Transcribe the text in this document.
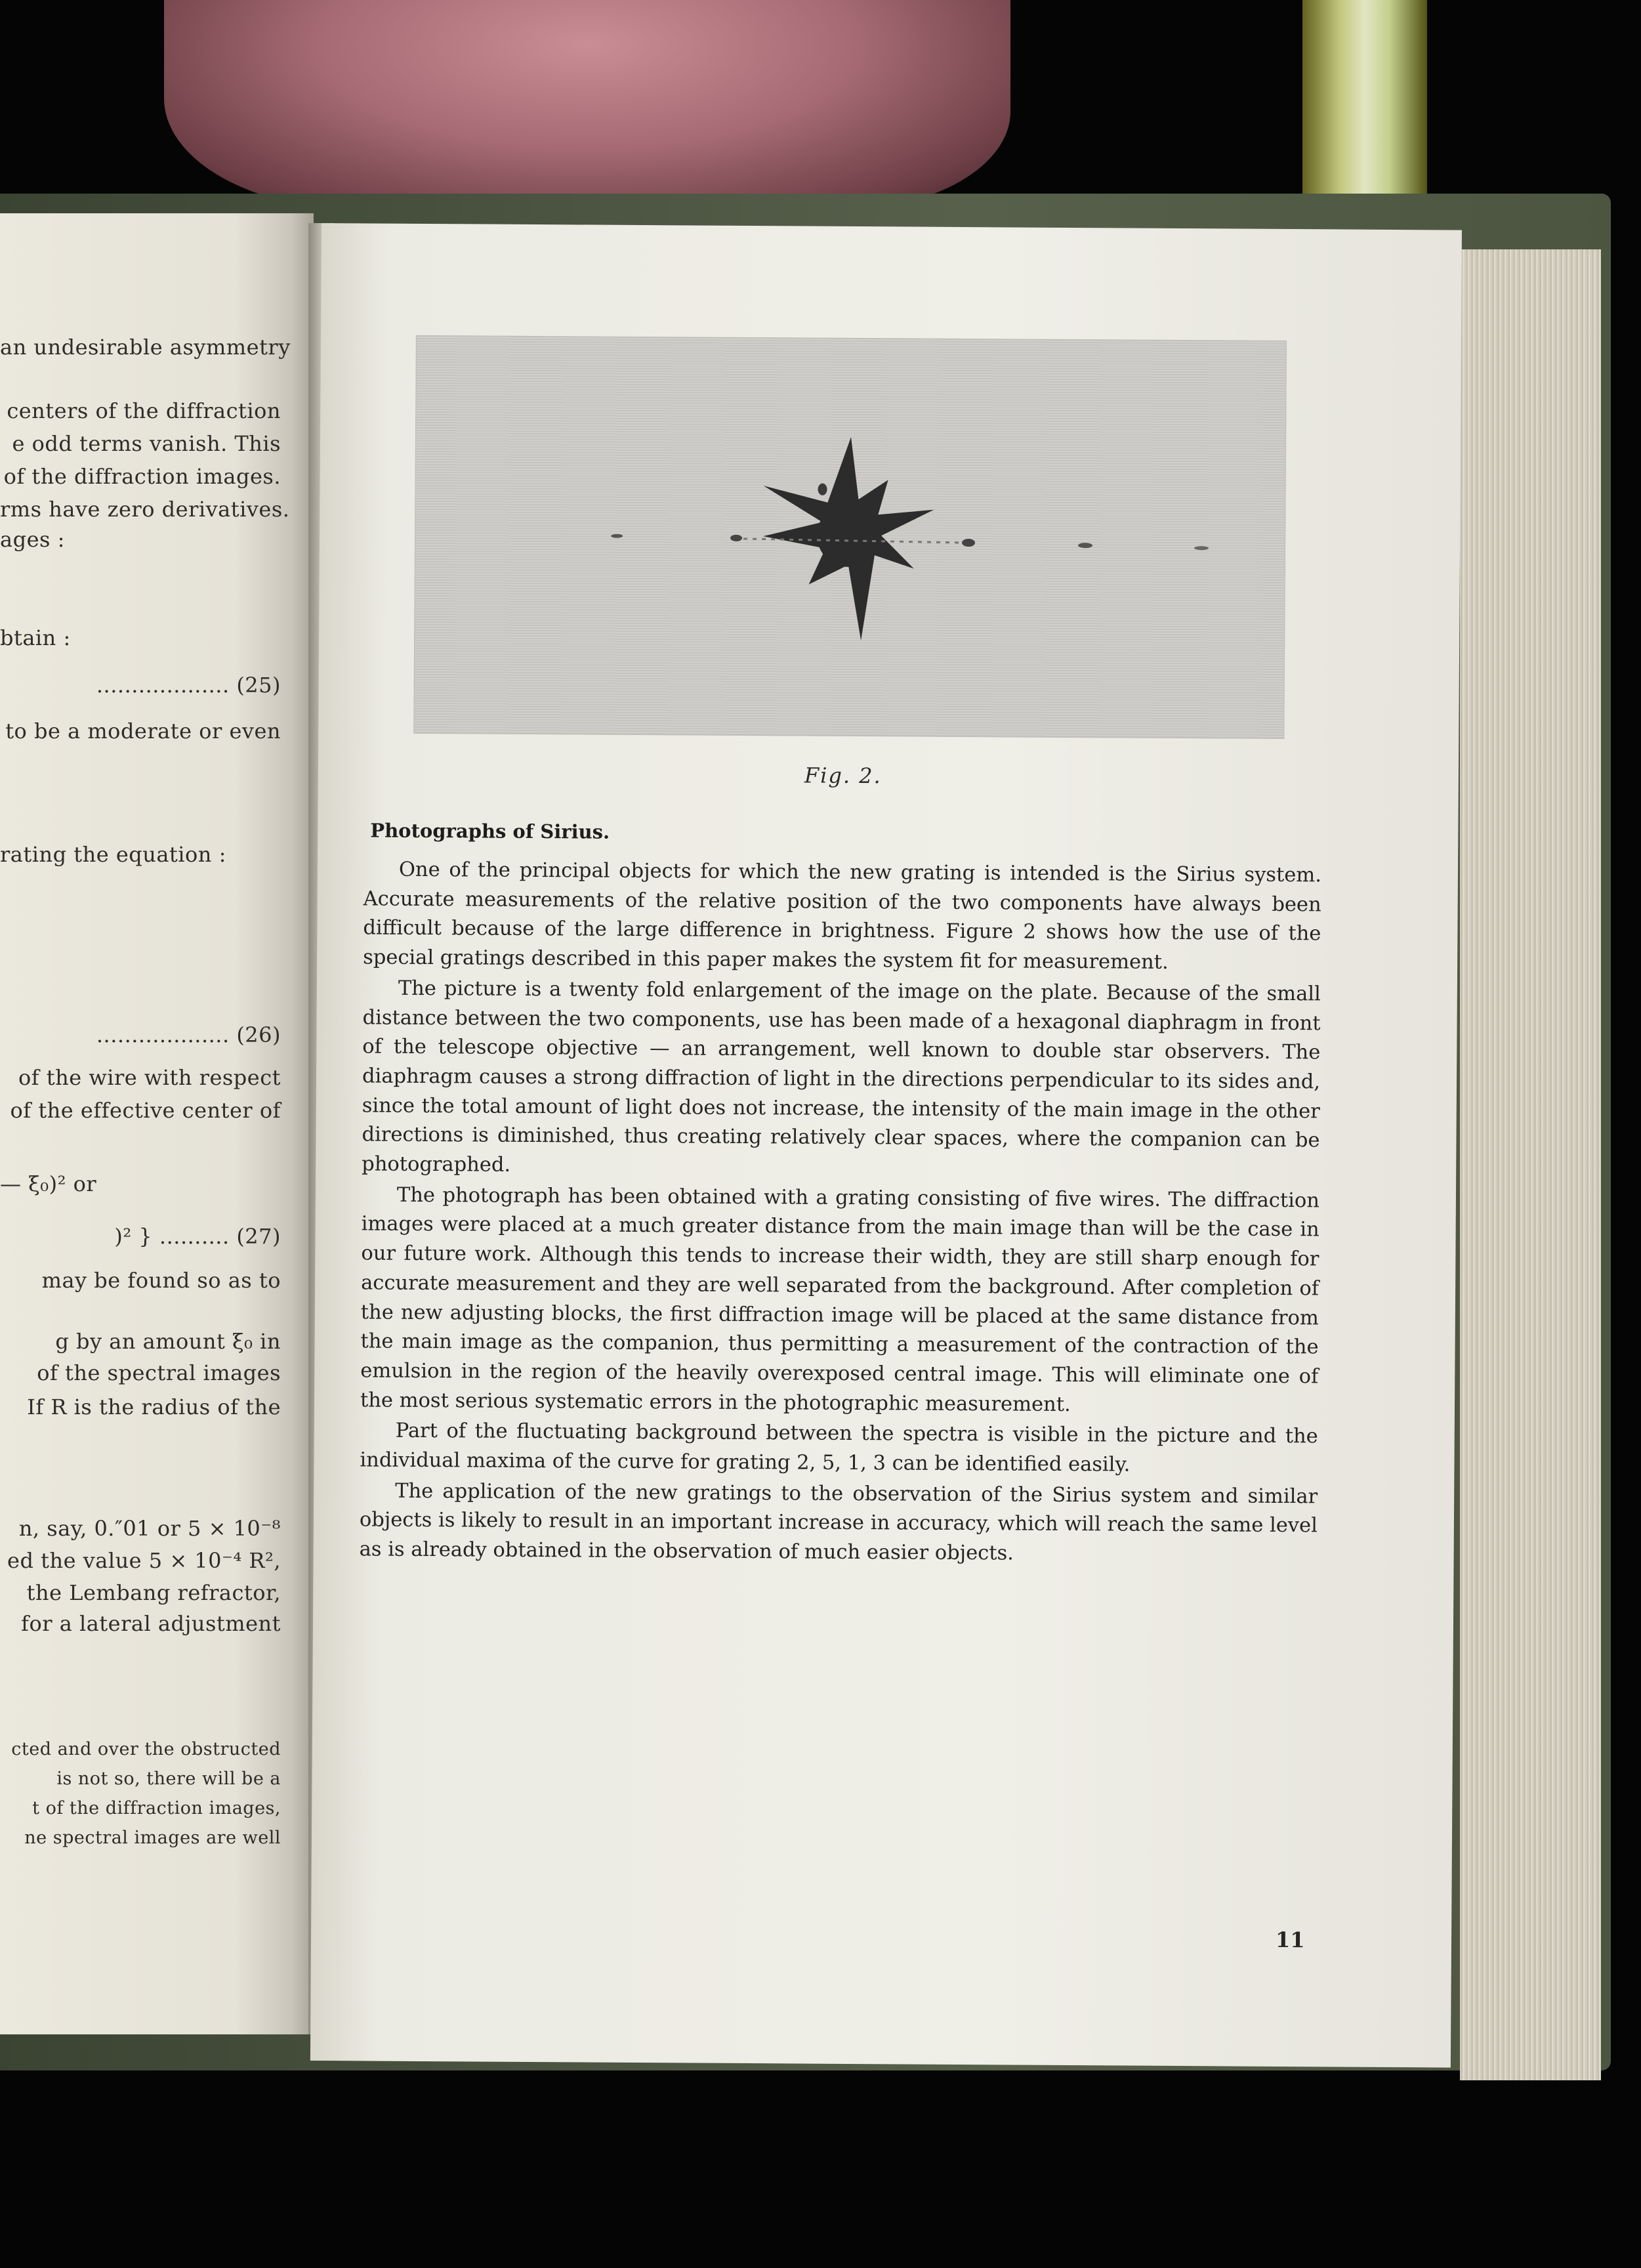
an undesirable asymmetry
centers of the diffraction
e odd terms vanish. This
of the diffraction images.
rms have zero derivatives.
ages :
btain :
................... (25)
to be a moderate or even
rating the equation :
................... (26)
of the wire with respect
of the effective center of
— ξ₀)² or
)² } .......... (27)
may be found so as to
g by an amount ξ₀ in
of the spectral images
If R is the radius of the
n, say, 0.″01 or 5 × 10⁻⁸
ed the value 5 × 10⁻⁴ R²,
the Lembang refractor,
for a lateral adjustment
cted and over the obstructed
is not so, there will be a
t of the diffraction images,
ne spectral images are well
Fig. 2.
Photographs of Sirius.

One of the principal objects for which the new grating is intended is the Sirius system. Accurate measurements of the relative position of the two components have always been difficult because of the large difference in brightness. Figure 2 shows how the use of the special gratings described in this paper makes the system fit for measurement.

The picture is a twenty fold enlargement of the image on the plate. Because of the small distance between the two components, use has been made of a hexagonal diaphragm in front of the telescope objective — an arrangement, well known to double star observers. The diaphragm causes a strong diffraction of light in the directions perpendicular to its sides and, since the total amount of light does not increase, the intensity of the main image in the other directions is diminished, thus creating relatively clear spaces, where the companion can be photographed.

The photograph has been obtained with a grating consisting of five wires. The diffraction images were placed at a much greater distance from the main image than will be the case in our future work. Although this tends to increase their width, they are still sharp enough for accurate measurement and they are well separated from the background. After completion of the new adjusting blocks, the first diffraction image will be placed at the same distance from the main image as the companion, thus permitting a measurement of the contraction of the emulsion in the region of the heavily overexposed central image. This will eliminate one of the most serious systematic errors in the photographic measurement.

Part of the fluctuating background between the spectra is visible in the picture and the individual maxima of the curve for grating 2, 5, 1, 3 can be identified easily.

The application of the new gratings to the observation of the Sirius system and similar objects is likely to result in an important increase in accuracy, which will reach the same level as is already obtained in the observation of much easier objects.

11
